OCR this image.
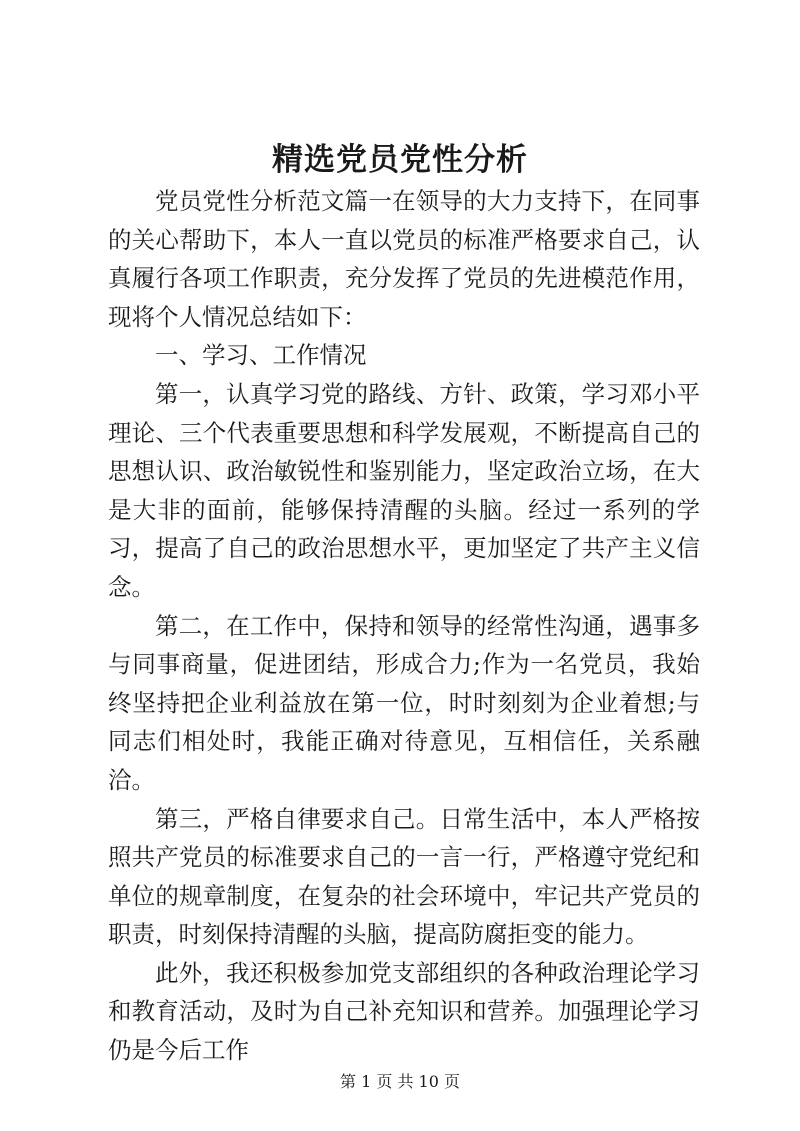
精选党员党性分析

党员党性分析范文篇一在领导的大力支持下，在同事的关心帮助下，本人一直以党员的标准严格要求自己，认真履行各项工作职责，充分发挥了党员的先进模范作用，现将个人情况总结如下：

一、学习、工作情况

第一，认真学习党的路线、方针、政策，学习邓小平理论、三个代表重要思想和科学发展观，不断提高自己的思想认识、政治敏锐性和鉴别能力，坚定政治立场，在大是大非的面前，能够保持清醒的头脑。经过一系列的学习，提高了自己的政治思想水平，更加坚定了共产主义信念。

第二，在工作中，保持和领导的经常性沟通，遇事多与同事商量，促进团结，形成合力;作为一名党员，我始终坚持把企业利益放在第一位，时时刻刻为企业着想;与同志们相处时，我能正确对待意见，互相信任，关系融洽。

第三，严格自律要求自己。日常生活中，本人严格按照共产党员的标准要求自己的一言一行，严格遵守党纪和单位的规章制度，在复杂的社会环境中，牢记共产党员的职责，时刻保持清醒的头脑，提高防腐拒变的能力。

此外，我还积极参加党支部组织的各种政治理论学习和教育活动，及时为自己补充知识和营养。加强理论学习仍是今后工作

第 1 页 共 10 页
